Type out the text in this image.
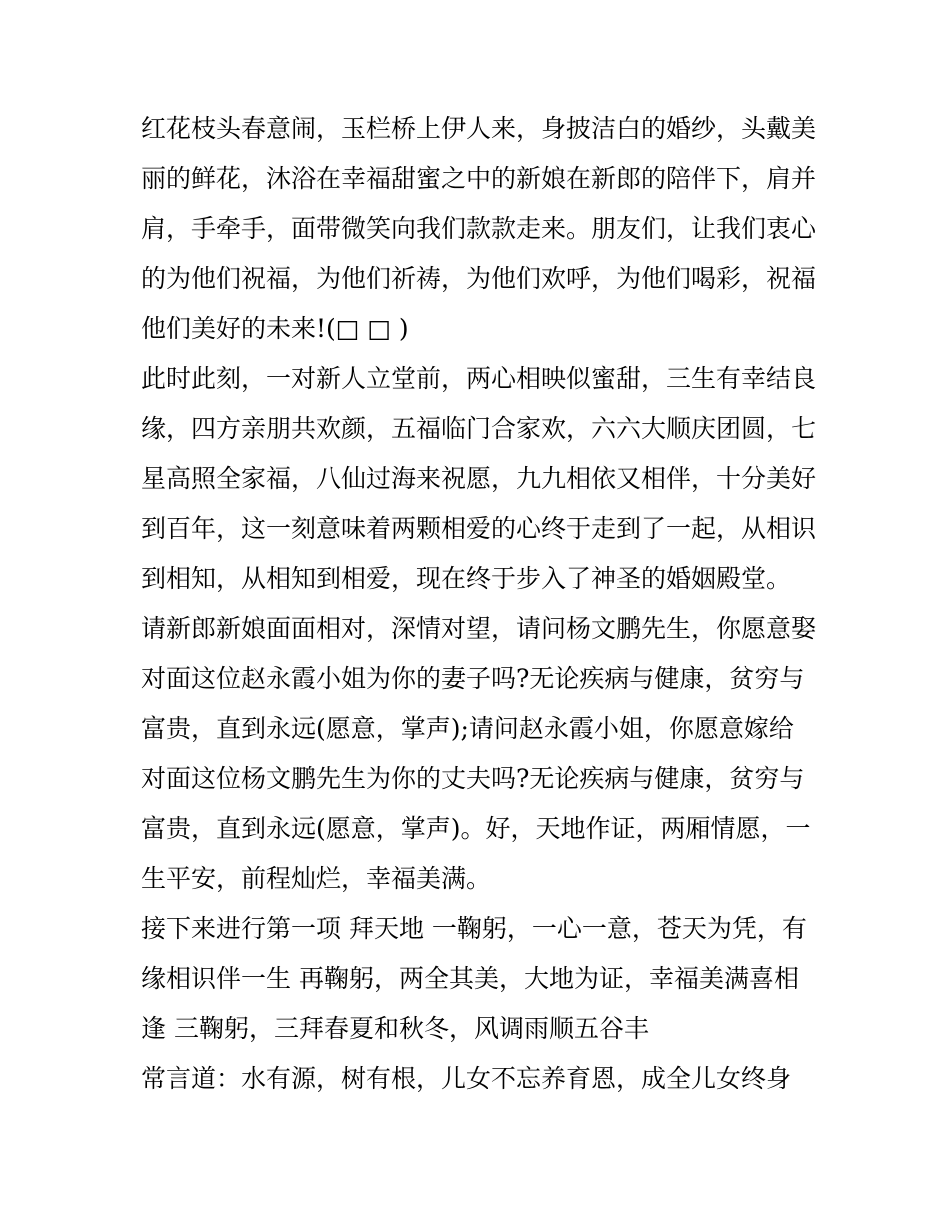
红花枝头春意闹，玉栏桥上伊人来，身披洁白的婚纱，头戴美
丽的鲜花，沐浴在幸福甜蜜之中的新娘在新郎的陪伴下，肩并
肩，手牵手，面带微笑向我们款款走来。朋友们，让我们衷心
的为他们祝福，为他们祈祷，为他们欢呼，为他们喝彩，祝福
他们美好的未来!(□ □ )
此时此刻，一对新人立堂前，两心相映似蜜甜，三生有幸结良
缘，四方亲朋共欢颜，五福临门合家欢，六六大顺庆团圆，七
星高照全家福，八仙过海来祝愿，九九相依又相伴，十分美好
到百年，这一刻意味着两颗相爱的心终于走到了一起，从相识
到相知，从相知到相爱，现在终于步入了神圣的婚姻殿堂。
请新郎新娘面面相对，深情对望，请问杨文鹏先生，你愿意娶
对面这位赵永霞小姐为你的妻子吗?无论疾病与健康，贫穷与
富贵，直到永远(愿意，掌声);请问赵永霞小姐，你愿意嫁给
对面这位杨文鹏先生为你的丈夫吗?无论疾病与健康，贫穷与
富贵，直到永远(愿意，掌声)。好，天地作证，两厢情愿，一
生平安，前程灿烂，幸福美满。
接下来进行第一项 拜天地 一鞠躬，一心一意，苍天为凭，有
缘相识伴一生 再鞠躬，两全其美，大地为证，幸福美满喜相
逢 三鞠躬，三拜春夏和秋冬，风调雨顺五谷丰
常言道：水有源，树有根，儿女不忘养育恩，成全儿女终身
